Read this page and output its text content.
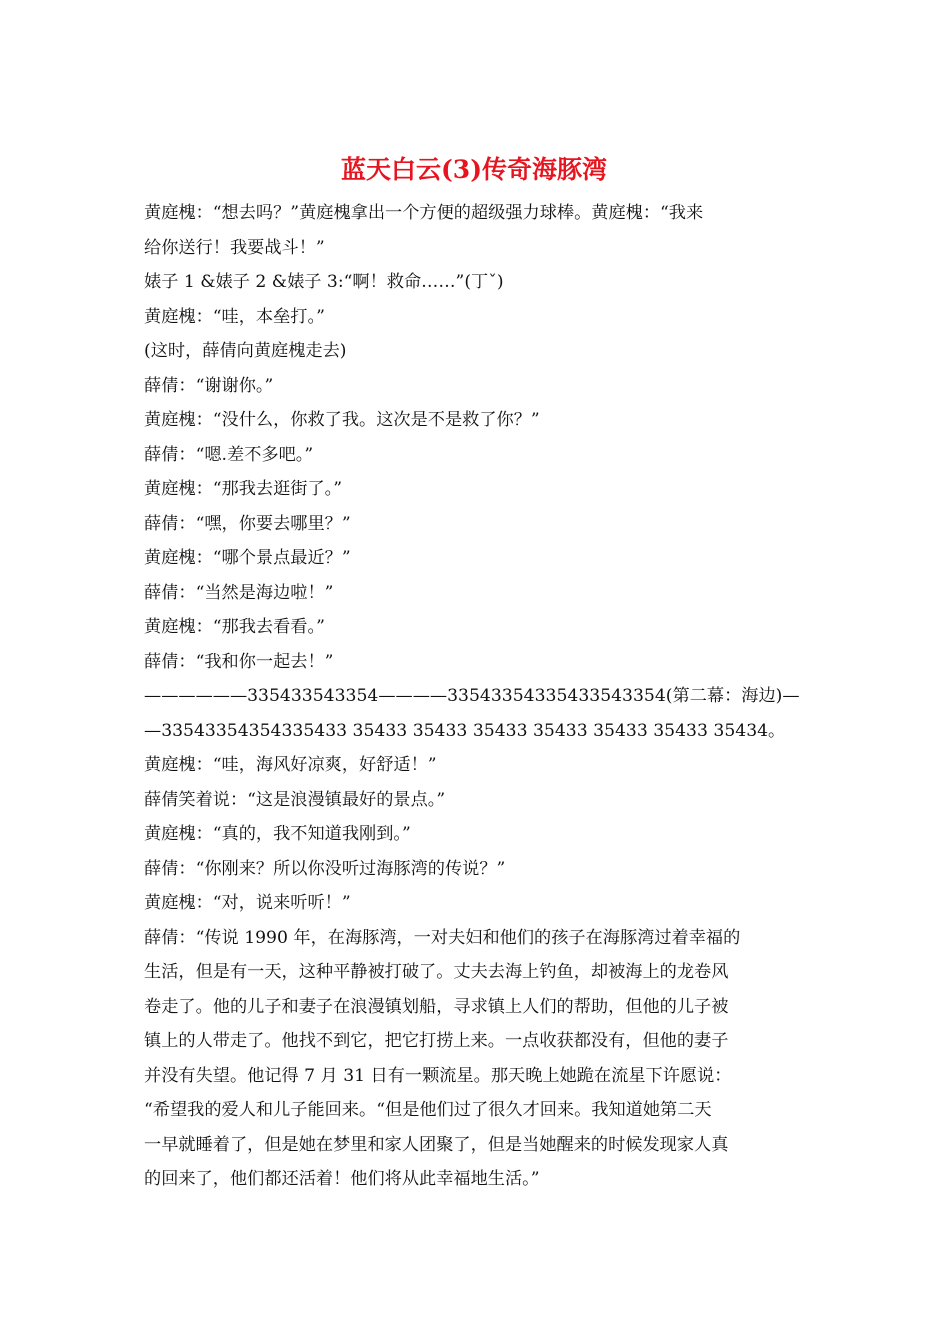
蓝天白云(3)传奇海豚湾
黄庭槐：“想去吗？”黄庭槐拿出一个方便的超级强力球棒。黄庭槐：“我来
给你送行！我要战斗！”
婊子 1 &婊子 2 &婊子 3:“啊！救命……”(丁ˇ)
黄庭槐：“哇，本垒打。”
(这时，薛倩向黄庭槐走去)
薛倩：“谢谢你。”
黄庭槐：“没什么，你救了我。这次是不是救了你？”
薛倩：“嗯.差不多吧。”
黄庭槐：“那我去逛街了。”
薛倩：“嘿，你要去哪里？”
黄庭槐：“哪个景点最近？”
薛倩：“当然是海边啦！”
黄庭槐：“那我去看看。”
薛倩：“我和你一起去！”
——————335433543354————33543354335433543354(第二幕：海边)—
—33543354354335433 35433 35433 35433 35433 35433 35433 35434。
黄庭槐：“哇，海风好凉爽，好舒适！”
薛倩笑着说：“这是浪漫镇最好的景点。”
黄庭槐：“真的，我不知道我刚到。”
薛倩：“你刚来？所以你没听过海豚湾的传说？”
黄庭槐：“对，说来听听！”
薛倩：“传说 1990 年，在海豚湾，一对夫妇和他们的孩子在海豚湾过着幸福的
生活，但是有一天，这种平静被打破了。丈夫去海上钓鱼，却被海上的龙卷风
卷走了。他的儿子和妻子在浪漫镇划船，寻求镇上人们的帮助，但他的儿子被
镇上的人带走了。他找不到它，把它打捞上来。一点收获都没有，但他的妻子
并没有失望。他记得 7 月 31 日有一颗流星。那天晚上她跪在流星下许愿说：
“希望我的爱人和儿子能回来。“但是他们过了很久才回来。我知道她第二天
一早就睡着了，但是她在梦里和家人团聚了，但是当她醒来的时候发现家人真
的回来了，他们都还活着！他们将从此幸福地生活。”
